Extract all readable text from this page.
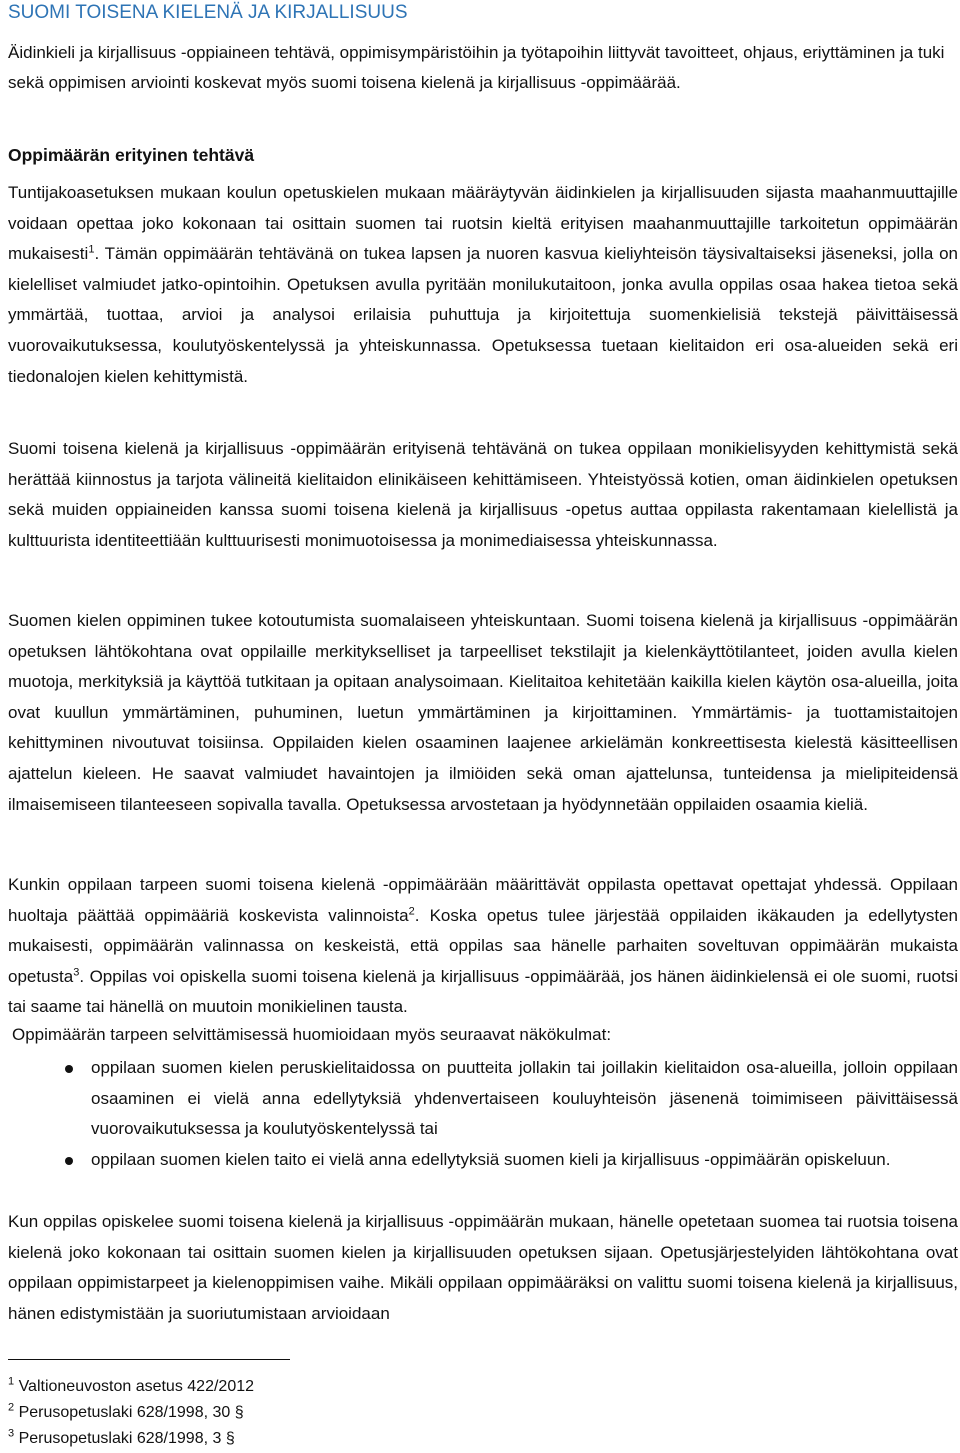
SUOMI TOISENA KIELENÄ JA KIRJALLISUUS
Äidinkieli ja kirjallisuus -oppiaineen tehtävä, oppimisympäristöihin ja työtapoihin liittyvät tavoitteet, ohjaus, eriyttäminen ja tuki sekä oppimisen arviointi koskevat myös suomi toisena kielenä ja kirjallisuus -oppimäärää.
Oppimäärän erityinen tehtävä

Tuntijakoasetuksen mukaan koulun opetuskielen mukaan määräytyvän äidinkielen ja kirjallisuuden sijasta maahanmuuttajille voidaan opettaa joko kokonaan tai osittain suomen tai ruotsin kieltä erityisen maahanmuuttajille tarkoitetun oppimäärän mukaisesti$^1$. Tämän oppimäärän tehtävänä on tukea lapsen ja nuoren kasvua kieliyhteisön täysivaltaiseksi jäseneksi, jolla on kielelliset valmiudet jatko-opintoihin. Opetuksen avulla pyritään monilukutaitoon, jonka avulla oppilas osaa hakea tietoa sekä ymmärtää, tuottaa, arvioi ja analysoi erilaisia puhuttuja ja kirjoitettuja suomenkielisiä tekstejä päivittäisessä vuorovaikutuksessa, koulutyöskentelyssä ja yhteiskunnassa. Opetuksessa tuetaan kielitaidon eri osa-alueiden sekä eri tiedonalojen kielen kehittymistä.

Suomi toisena kielenä ja kirjallisuus -oppimäärän erityisenä tehtävänä on tukea oppilaan monikielisyyden kehittymistä sekä herättää kiinnostus ja tarjota välineitä kielitaidon elinikäiseen kehittämiseen. Yhteistyössä kotien, oman äidinkielen opetuksen sekä muiden oppiaineiden kanssa suomi toisena kielenä ja kirjallisuus -opetus auttaa oppilasta rakentamaan kielellistä ja kulttuurista identiteettiään kulttuurisesti monimuotoisessa ja monimediaisessa yhteiskunnassa.

Suomen kielen oppiminen tukee kotoutumista suomalaiseen yhteiskuntaan. Suomi toisena kielenä ja kirjallisuus -oppimäärän opetuksen lähtökohtana ovat oppilaille merkitykselliset ja tarpeelliset tekstilajit ja kielenkäyttötilanteet, joiden avulla kielen muotoja, merkityksiä ja käyttöä tutkitaan ja opitaan analysoimaan. Kielitaitoa kehitetään kaikilla kielen käytön osa-alueilla, joita ovat kuullun ymmärtäminen, puhuminen, luetun ymmärtäminen ja kirjoittaminen. Ymmärtämis- ja tuottamistaitojen kehittyminen nivoutuvat toisiinsa. Oppilaiden kielen osaaminen laajenee arkielämän konkreettisesta kielestä käsitteellisen ajattelun kieleen. He saavat valmiudet havaintojen ja ilmiöiden sekä oman ajattelunsa, tunteidensa ja mielipiteidensä ilmaisemiseen tilanteeseen sopivalla tavalla. Opetuksessa arvostetaan ja hyödynnetään oppilaiden osaamia kieliä.

Kunkin oppilaan tarpeen suomi toisena kielenä -oppimäärään määrittävät oppilasta opettavat opettajat yhdessä. Oppilaan huoltaja päättää oppimääriä koskevista valinnoista$^2$. Koska opetus tulee järjestää oppilaiden ikäkauden ja edellytysten mukaisesti, oppimäärän valinnassa on keskeistä, että oppilas saa hänelle parhaiten soveltuvan oppimäärän mukaista opetusta$^3$. Oppilas voi opiskella suomi toisena kielenä ja kirjallisuus -oppimäärää, jos hänen äidinkielensä ei ole suomi, ruotsi tai saame tai hänellä on muutoin monikielinen tausta.

Oppimäärän tarpeen selvittämisessä huomioidaan myös seuraavat näkökulmat:
oppilaan suomen kielen peruskielitaidossa on puutteita jollakin tai joillakin kielitaidon osa-alueilla, jolloin oppilaan osaaminen ei vielä anna edellytyksiä yhdenvertaiseen kouluyhteisön jäsenenä toimimiseen päivittäisessä vuorovaikutuksessa ja koulutyöskentelyssä tai
oppilaan suomen kielen taito ei vielä anna edellytyksiä suomen kieli ja kirjallisuus -oppimäärän opiskeluun.

Kun oppilas opiskelee suomi toisena kielenä ja kirjallisuus -oppimäärän mukaan, hänelle opetetaan suomea tai ruotsia toisena kielenä joko kokonaan tai osittain suomen kielen ja kirjallisuuden opetuksen sijaan. Opetusjärjestelyiden lähtökohtana ovat oppilaan oppimistarpeet ja kielenoppimisen vaihe. Mikäli oppilaan oppimääräksi on valittu suomi toisena kielenä ja kirjallisuus, hänen edistymistään ja suoriutumistaan arvioidaan

$^1$ Valtioneuvoston asetus 422/2012
$^2$ Perusopetuslaki 628/1998, 30 §
$^3$ Perusopetuslaki 628/1998, 3 §
